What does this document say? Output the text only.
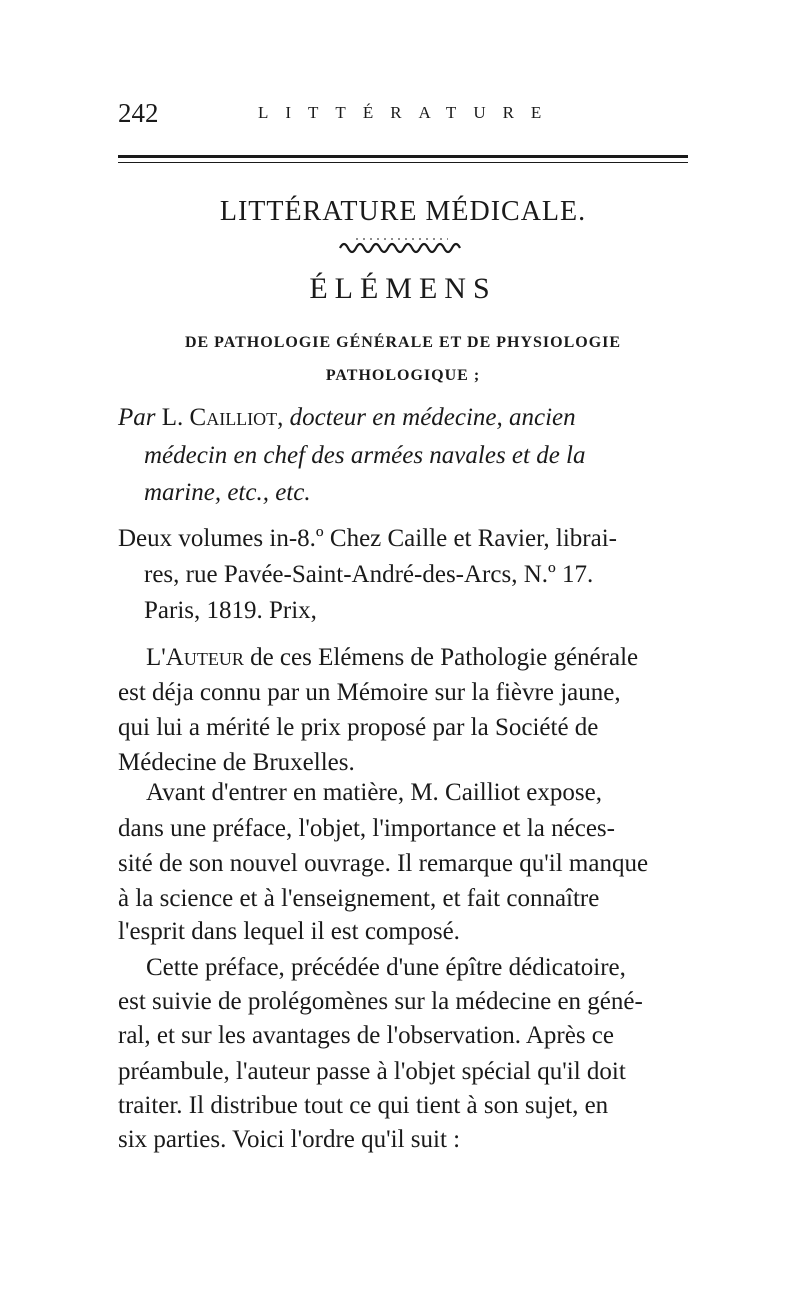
242	LITTÉRATURE
LITTÉRATURE MÉDICALE.
ÉLÉMENS
DE PATHOLOGIE GÉNÉRALE ET DE PHYSIOLOGIE
PATHOLOGIQUE ;
Par L. Cailliot, docteur en médecine, ancien
médecin en chef des armées navales et de la
marine, etc., etc.
Deux volumes in-8.º Chez Caille et Ravier, librai-
res, rue Pavée-Saint-André-des-Arcs, N.º 17.
Paris, 1819. Prix,
L'Auteur de ces Elémens de Pathologie générale
est déja connu par un Mémoire sur la fièvre jaune,
qui lui a mérité le prix proposé par la Société de
Médecine de Bruxelles.
Avant d'entrer en matière, M. Cailliot expose,
dans une préface, l'objet, l'importance et la néces-
sité de son nouvel ouvrage. Il remarque qu'il manque
à la science et à l'enseignement, et fait connaître
l'esprit dans lequel il est composé.
Cette préface, précédée d'une épître dédicatoire,
est suivie de prolégomènes sur la médecine en géné-
ral, et sur les avantages de l'observation. Après ce
préambule, l'auteur passe à l'objet spécial qu'il doit
traiter. Il distribue tout ce qui tient à son sujet, en
six parties. Voici l'ordre qu'il suit :
